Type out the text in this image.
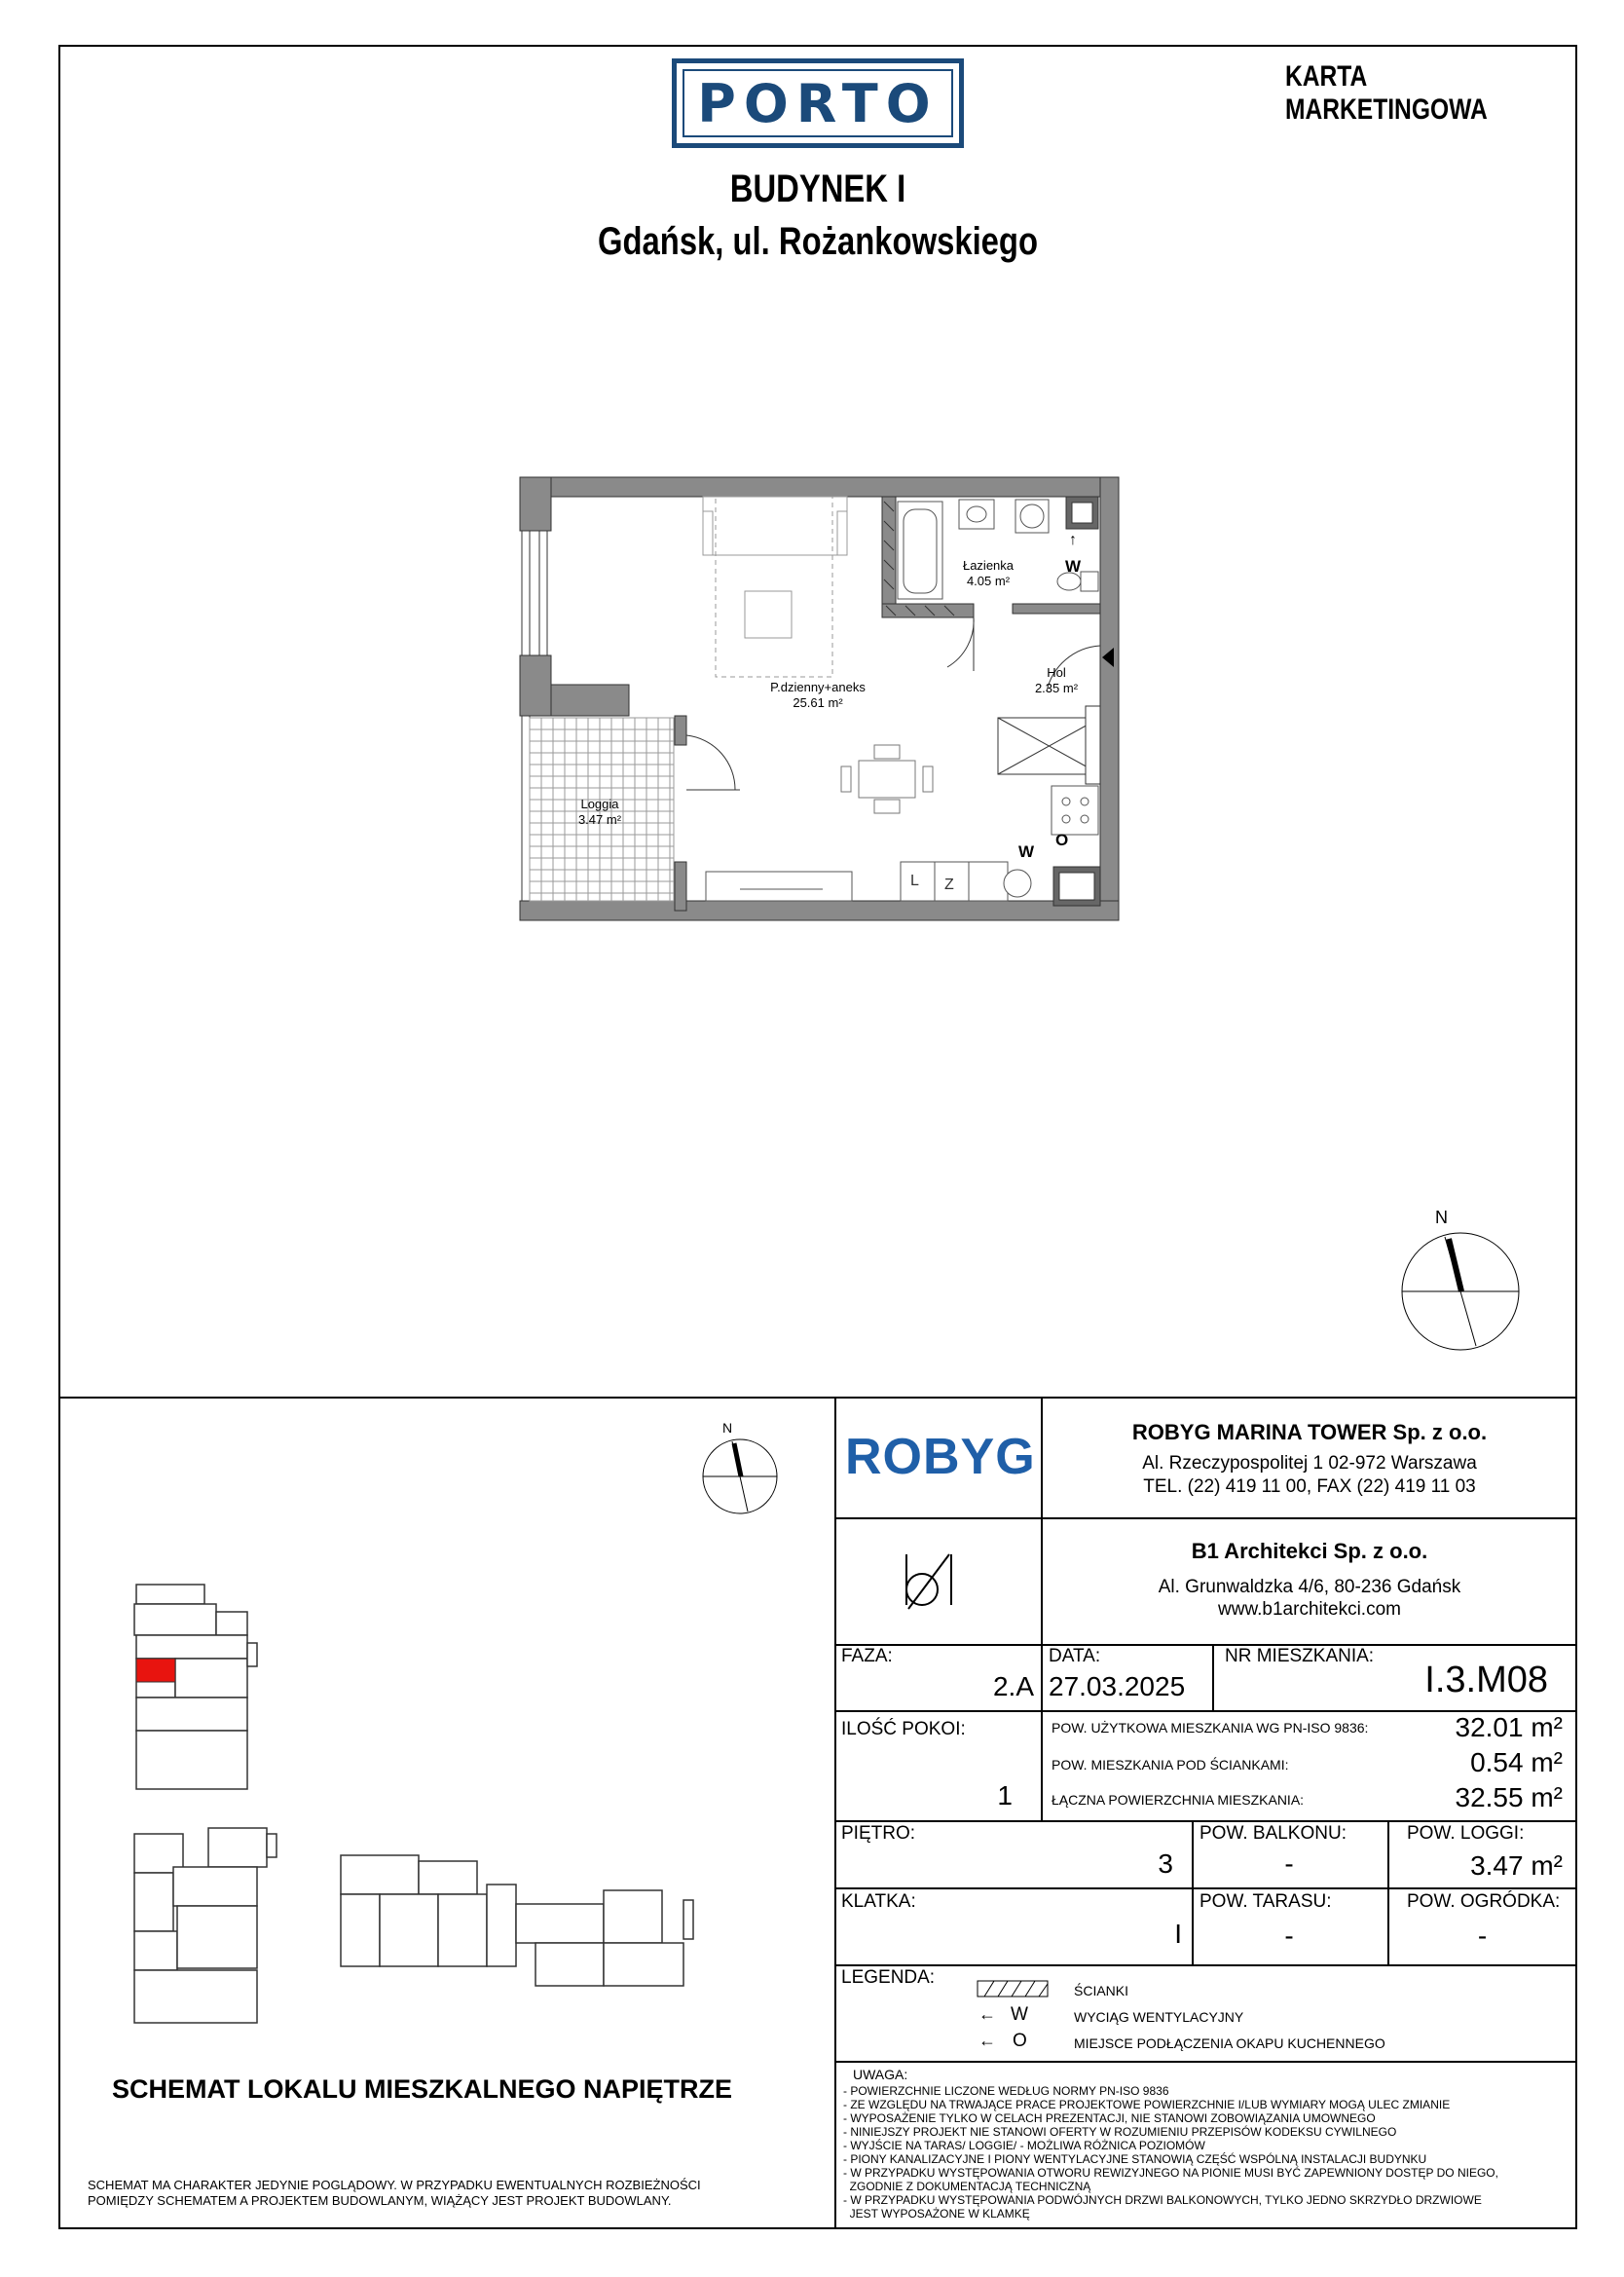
PORTO	KARTA MARKETINGOWA
BUDYNEK I
Gdańsk, ul. Rożankowskiego
L Z
Łazienka
4.05 m²
Hol
2.35 m²
P.dzienny+aneks
25.61 m²
Loggia
3.47 m²
W
↑
W
O
N
N
SCHEMAT LOKALU MIESZKALNEGO NAPIĘTRZE
SCHEMAT MA CHARAKTER JEDYNIE POGLĄDOWY. W PRZYPADKU EWENTUALNYCH ROZBIEŻNOŚCI
POMIĘDZY SCHEMATEM A PROJEKTEM BUDOWLANYM, WIĄŻĄCY JEST PROJEKT BUDOWLANY.
ROBYG	ROBYG MARINA TOWER Sp. z o.o.
Al. Rzeczypospolitej 1 02-972 Warszawa
TEL. (22) 419 11 00, FAX (22) 419 11 03
B1 Architekci Sp. z o.o.
Al. Grunwaldzka 4/6, 80-236 Gdańsk
www.b1architekci.com
FAZA:
2.A
DATA:
27.03.2025
NR MIESZKANIA:
I.3.M08
ILOŚĆ POKOI:
1
POW. UŻYTKOWA MIESZKANIA WG PN-ISO 9836:	32.01 m²
POW. MIESZKANIA POD ŚCIANKAMI:	0.54 m²
ŁĄCZNA POWIERZCHNIA MIESZKANIA:	32.55 m²
PIĘTRO:
3
POW. BALKONU:
-
POW. LOGGI:
3.47 m²
KLATKA:
I
POW. TARASU:
-
POW. OGRÓDKA:
-
LEGENDA:
ŚCIANKI
← W	WYCIĄG WENTYLACYJNY
← O	MIEJSCE PODŁĄCZENIA OKAPU KUCHENNEGO
UWAGA:
- POWIERZCHNIE LICZONE WEDŁUG NORMY PN-ISO 9836
- ZE WZGLĘDU NA TRWAJĄCE PRACE PROJEKTOWE POWIERZCHNIE I/LUB WYMIARY MOGĄ ULEC ZMIANIE
- WYPOSAŻENIE TYLKO W CELACH PREZENTACJI, NIE STANOWI ZOBOWIĄZANIA UMOWNEGO
- NINIEJSZY PROJEKT NIE STANOWI OFERTY W ROZUMIENIU PRZEPISÓW KODEKSU CYWILNEGO
- WYJŚCIE NA TARAS/ LOGGIE/ - MOŻLIWA RÓŻNICA POZIOMÓW
- PIONY KANALIZACYJNE I PIONY WENTYLACYJNE STANOWIĄ CZĘŚĆ WSPÓLNĄ INSTALACJI BUDYNKU
- W PRZYPADKU WYSTĘPOWANIA OTWORU REWIZYJNEGO NA PIONIE MUSI BYĆ ZAPEWNIONY DOSTĘP DO NIEGO,
ZGODNIE Z DOKUMENTACJĄ TECHNICZNĄ
- W PRZYPADKU WYSTĘPOWANIA PODWÓJNYCH DRZWI BALKONOWYCH, TYLKO JEDNO SKRZYDŁO DRZWIOWE
JEST WYPOSAŻONE W KLAMKĘ
